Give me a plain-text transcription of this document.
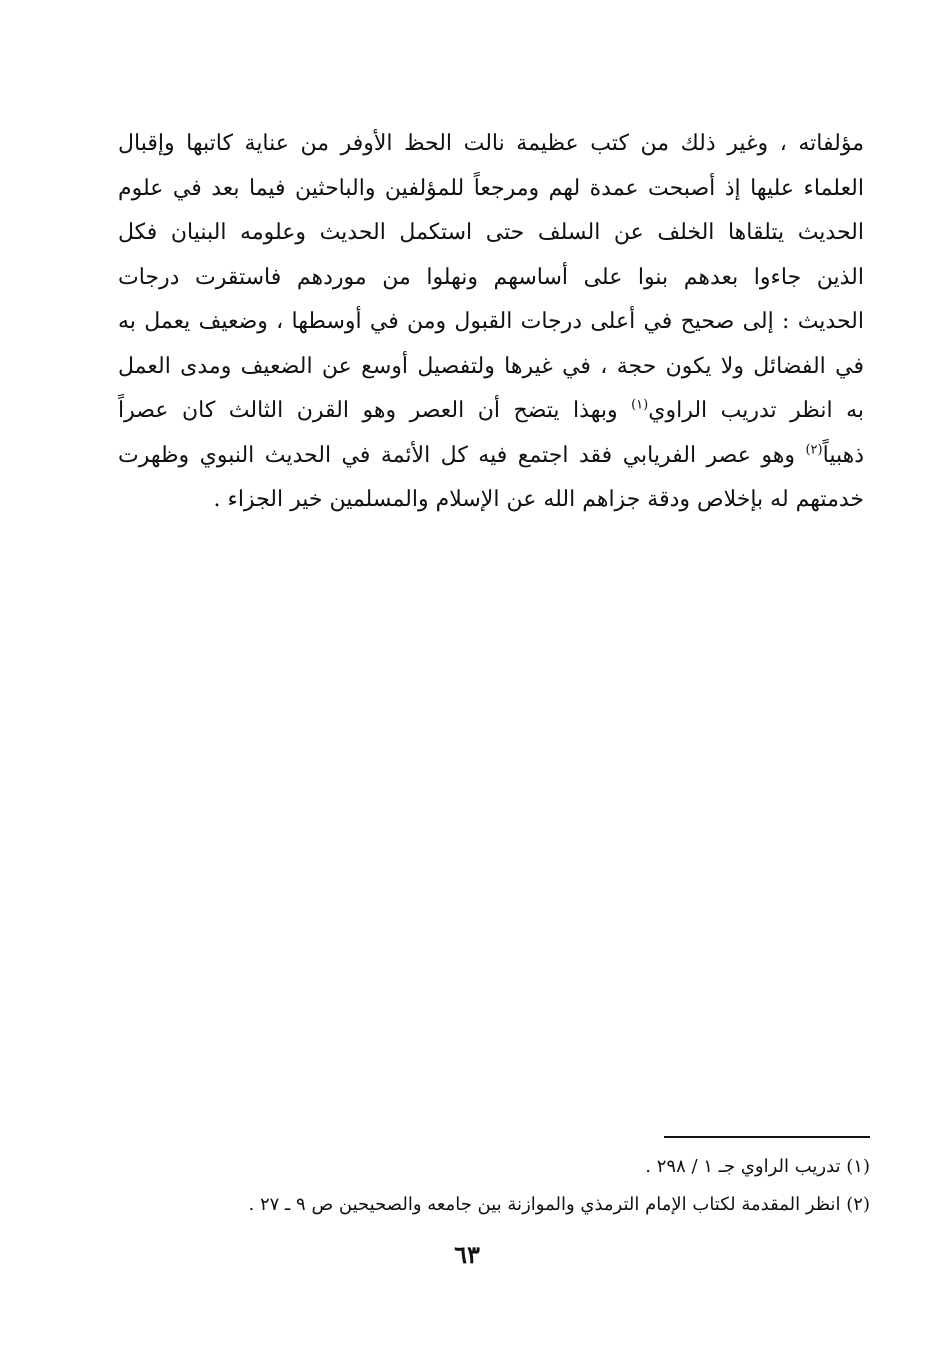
مؤلفاته ، وغير ذلك من كتب عظيمة نالت الحظ الأوفر من عناية كاتبها وإقبال
العلماء عليها إذ أصبحت عمدة لهم ومرجعاً للمؤلفين والباحثين فيما بعد في علوم
الحديث يتلقاها الخلف عن السلف حتى استكمل الحديث وعلومه البنيان فكل
الذين جاءوا بعدهم بنوا على أساسهم ونهلوا من موردهم فاستقرت درجات
الحديث : إلى صحيح في أعلى درجات القبول ومن في أوسطها ، وضعيف يعمل به
في الفضائل ولا يكون حجة ، في غيرها ولتفصيل أوسع عن الضعيف ومدى العمل
به انظر تدريب الراوي$^{(١)}$ وبهذا يتضح أن العصر وهو القرن الثالث كان عصراً
ذهبياً$^{(٢)}$ وهو عصر الفريابي فقد اجتمع فيه كل الأئمة في الحديث النبوي وظهرت
خدمتهم له بإخلاص ودقة جزاهم الله عن الإسلام والمسلمين خير الجزاء .
(١) تدريب الراوي جـ ١ / ٢٩٨ .
(٢) انظر المقدمة لكتاب الإمام الترمذي والموازنة بين جامعه والصحيحين ص ٩ ـ ٢٧ .
٦٣
